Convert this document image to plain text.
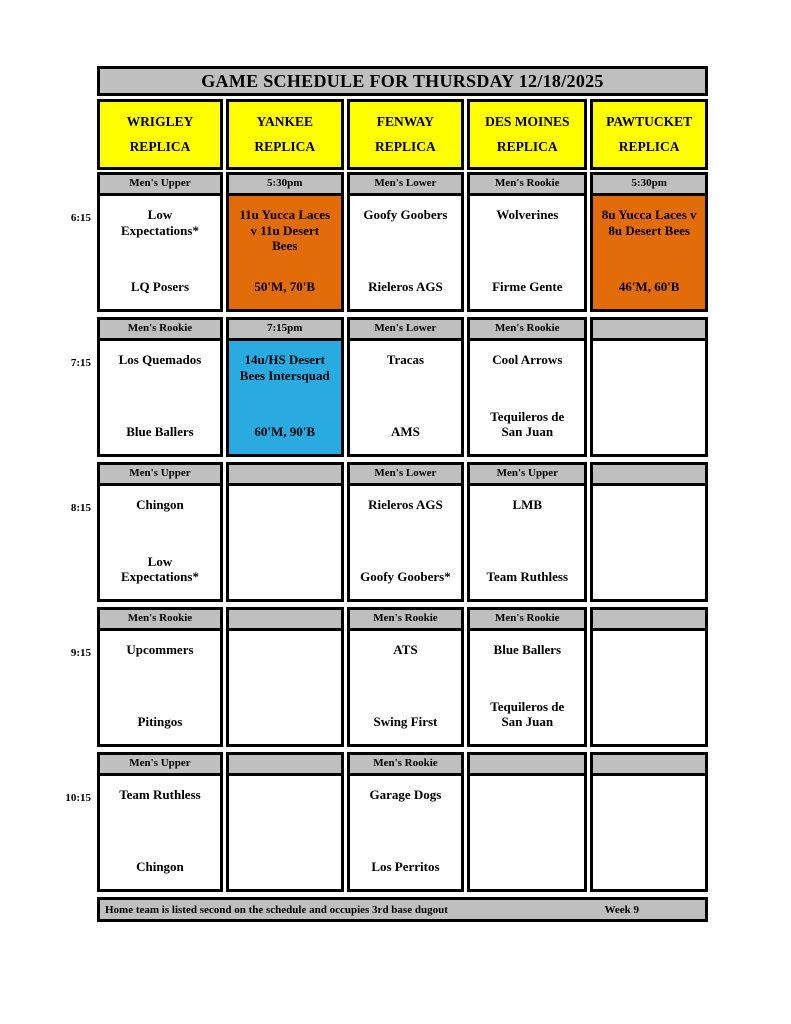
GAME SCHEDULE FOR THURSDAY 12/18/2025
WRIGLEY
REPLICA
YANKEE
REPLICA
FENWAY
REPLICA
DES MOINES
REPLICA
PAWTUCKET
REPLICA
6:15
Men's Upper
Low Expectations*
LQ Posers
5:30pm
11u Yucca Laces v 11u Desert Bees
50'M, 70'B
Men's Lower
Goofy Goobers
Rieleros AGS
Men's Rookie
Wolverines
Firme Gente
5:30pm
8u Yucca Laces v 8u Desert Bees
46'M, 60'B
7:15
Men's Rookie
Los Quemados
Blue Ballers
7:15pm
14u/HS Desert Bees Intersquad
60'M, 90'B
Men's Lower
Tracas
AMS
Men's Rookie
Cool Arrows
Tequileros de San Juan
8:15
Men's Upper
Chingon
Low Expectations*
Men's Lower
Rieleros AGS
Goofy Goobers*
Men's Upper
LMB
Team Ruthless
9:15
Men's Rookie
Upcommers
Pitingos
Men's Rookie
ATS
Swing First
Men's Rookie
Blue Ballers
Tequileros de San Juan
10:15
Men's Upper
Team Ruthless
Chingon
Men's Rookie
Garage Dogs
Los Perritos
Home team is listed second on the schedule and occupies 3rd base dugout	Week 9
